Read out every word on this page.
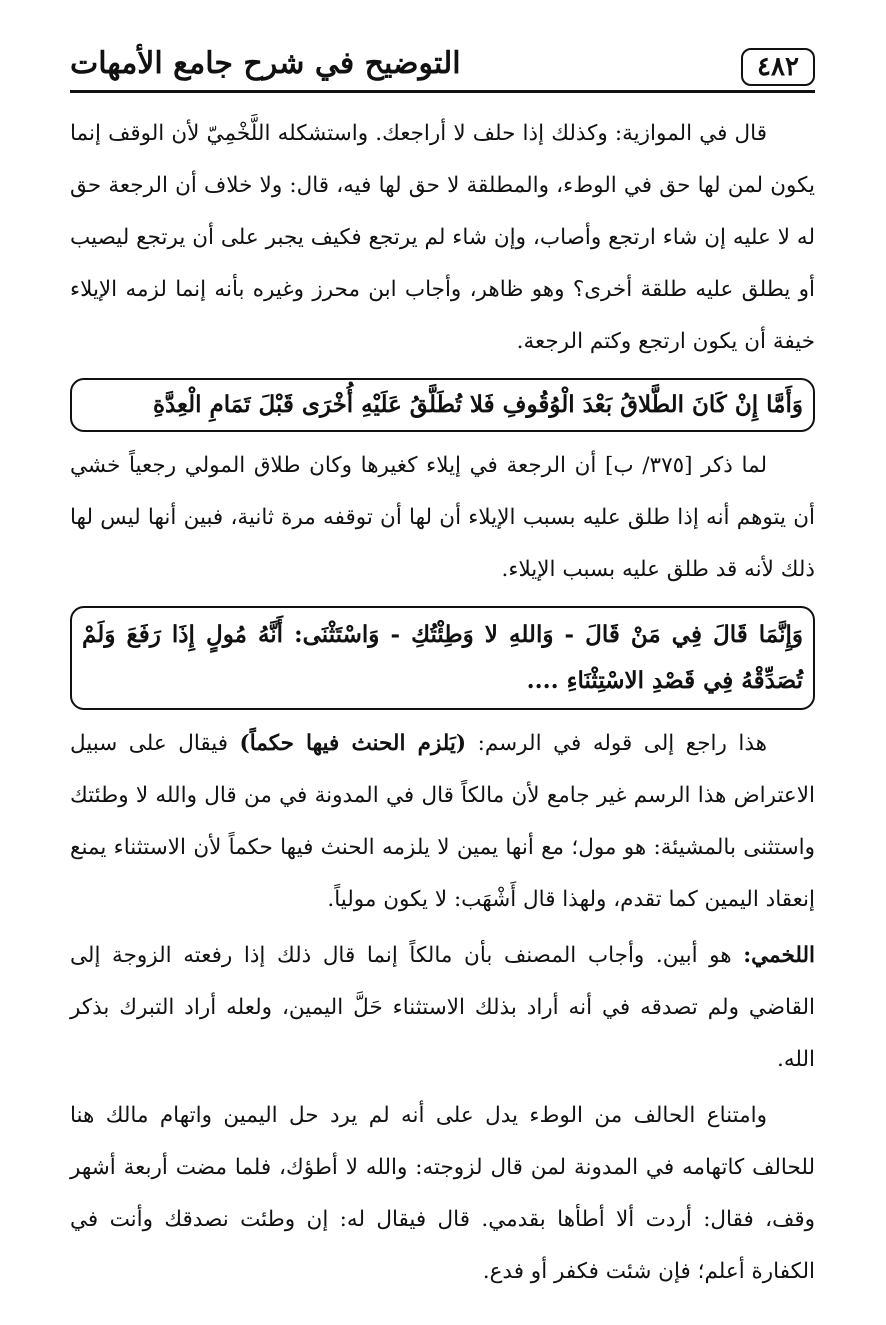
التوضيح في شرح جامع الأمهات	٤٨٢

قال في الموازية: وكذلك إذا حلف لا أراجعك. واستشكله اللَّخْمِيّ لأن الوقف إنما يكون لمن لها حق في الوطء، والمطلقة لا حق لها فيه، قال: ولا خلاف أن الرجعة حق له لا عليه إن شاء ارتجع وأصاب، وإن شاء لم يرتجع فكيف يجبر على أن يرتجع ليصيب أو يطلق عليه طلقة أخرى؟ وهو ظاهر، وأجاب ابن محرز وغيره بأنه إنما لزمه الإيلاء خيفة أن يكون ارتجع وكتم الرجعة.

وَأَمَّا إِنْ كَانَ الطَّلاقُ بَعْدَ الْوُقُوفِ فَلا تُطَلَّقُ عَلَيْهِ أُخْرَى قَبْلَ تَمَامِ الْعِدَّةِ

لما ذكر [٣٧٥/ ب] أن الرجعة في إيلاء كغيرها وكان طلاق المولي رجعياً خشي أن يتوهم أنه إذا طلق عليه بسبب الإيلاء أن لها أن توقفه مرة ثانية، فبين أنها ليس لها ذلك لأنه قد طلق عليه بسبب الإيلاء.

وَإِنَّمَا قَالَ فِي مَنْ قَالَ - وَاللهِ لا وَطِئْتُكِ - وَاسْتَثْنَى: أَنَّهُ مُولٍ إِذَا رَفَعَ وَلَمْ تُصَدِّقْهُ فِي قَصْدِ الاسْتِثْنَاءِ ....

هذا راجع إلى قوله في الرسم: (يَلزم الحنث فيها حكماً) فيقال على سبيل الاعتراض هذا الرسم غير جامع لأن مالكاً قال في المدونة في من قال والله لا وطئتك واستثنى بالمشيئة: هو مول؛ مع أنها يمين لا يلزمه الحنث فيها حكماً لأن الاستثناء يمنع إنعقاد اليمين كما تقدم، ولهذا قال أَشْهَب: لا يكون مولياً.

اللخمي: هو أبين. وأجاب المصنف بأن مالكاً إنما قال ذلك إذا رفعته الزوجة إلى القاضي ولم تصدقه في أنه أراد بذلك الاستثناء حَلَّ اليمين، ولعله أراد التبرك بذكر الله.

وامتناع الحالف من الوطء يدل على أنه لم يرد حل اليمين واتهام مالك هنا للحالف كاتهامه في المدونة لمن قال لزوجته: والله لا أطؤك، فلما مضت أربعة أشهر وقف، فقال: أردت ألا أطأها بقدمي. قال فيقال له: إن وطئت نصدقك وأنت في الكفارة أعلم؛ فإن شئت فكفر أو فدع.
